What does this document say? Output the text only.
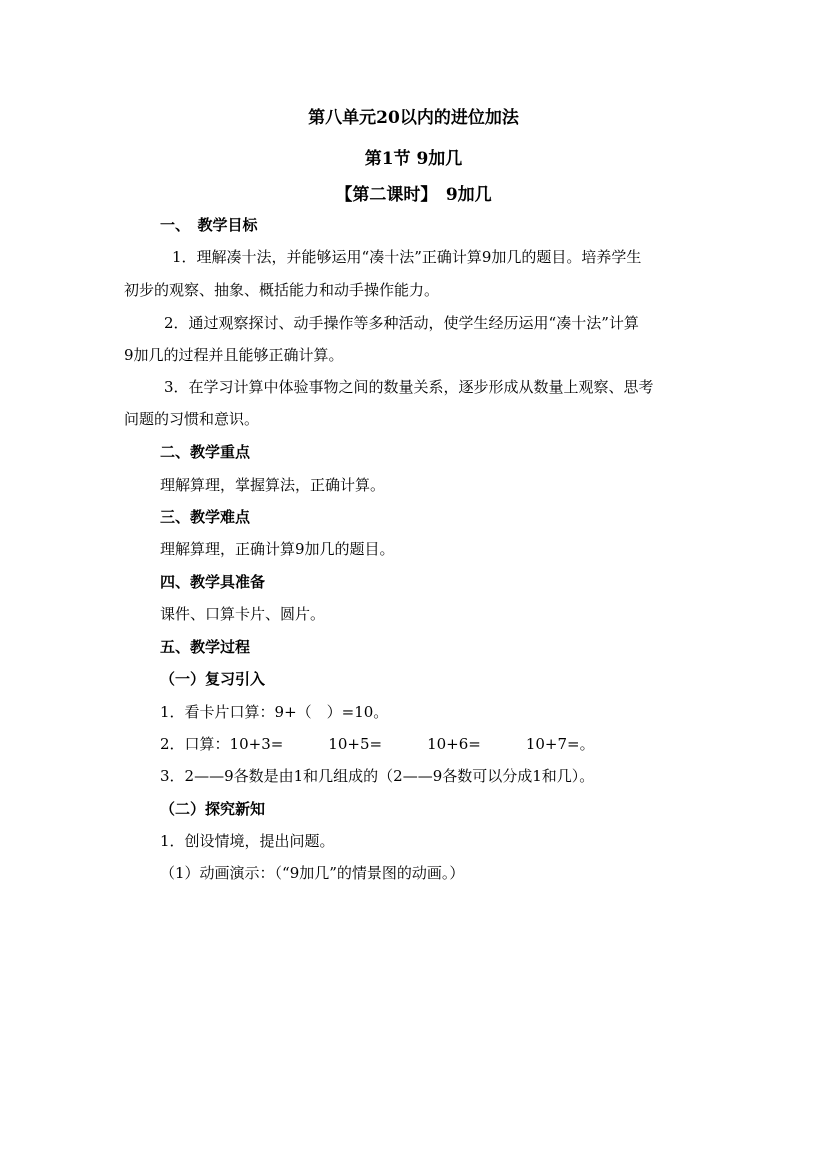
第八单元20以内的进位加法
第1节 9加几
【第二课时】　9加几
一、　教学目标
1．理解凑十法，并能够运用“凑十法”正确计算9加几的题目。培养学生
初步的观察、抽象、概括能力和动手操作能力。
2．通过观察探讨、动手操作等多种活动，使学生经历运用“凑十法”计算
9加几的过程并且能够正确计算。
3．在学习计算中体验事物之间的数量关系，逐步形成从数量上观察、思考
问题的习惯和意识。
二、教学重点
理解算理，掌握算法，正确计算。
三、教学难点
理解算理，正确计算9加几的题目。
四、教学具准备
课件、口算卡片、圆片。
五、教学过程
（一）复习引入
1．看卡片口算：9+（　）=10。
2．口算：10+3=　　　10+5=　　　10+6=　　　10+7=。
3．2——9各数是由1和几组成的（2——9各数可以分成1和几）。
（二）探究新知
1．创设情境，提出问题。
（1）动画演示：（“9加几”的情景图的动画。）
